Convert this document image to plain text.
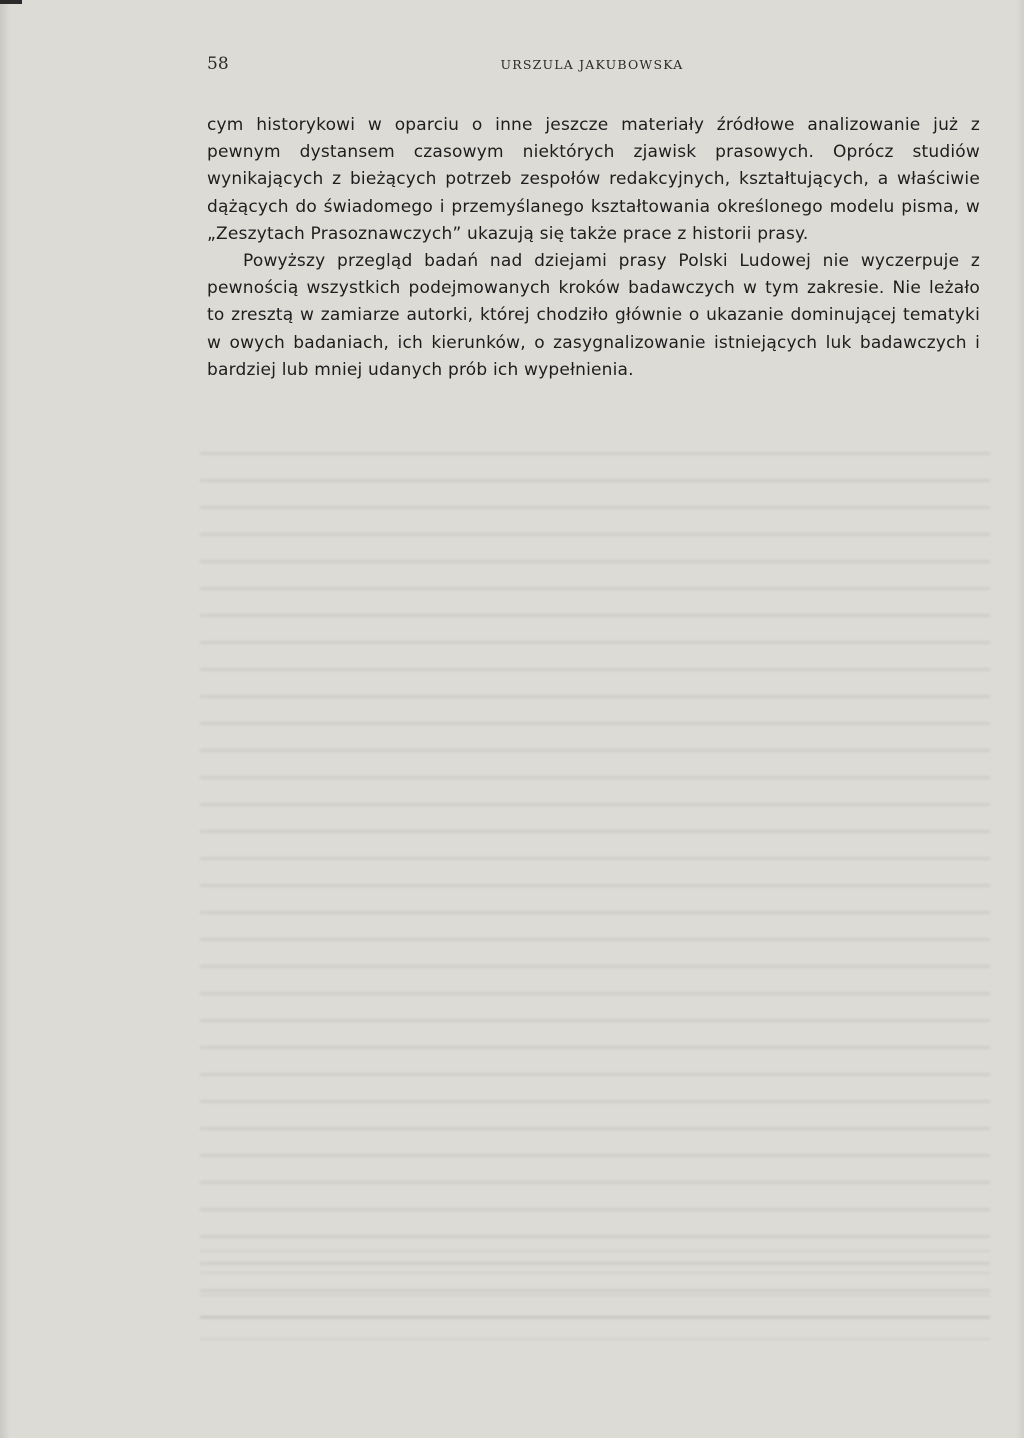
58	URSZULA JAKUBOWSKA

cym historykowi w oparciu o inne jeszcze materiały źródłowe analizowanie już z pewnym dystansem czasowym niektórych zjawisk prasowych. Oprócz studiów wynikających z bieżących potrzeb zespołów redakcyjnych, kształtujących, a właściwie dążących do świadomego i przemyślanego kształtowania określonego modelu pisma, w „Zeszytach Prasoznawczych” ukazują się także prace z historii prasy.

Powyższy przegląd badań nad dziejami prasy Polski Ludowej nie wyczerpuje z pewnością wszystkich podejmowanych kroków badawczych w tym zakresie. Nie leżało to zresztą w zamiarze autorki, której chodziło głównie o ukazanie dominującej tematyki w owych badaniach, ich kierunków, o zasygnalizowanie istniejących luk badawczych i bardziej lub mniej udanych prób ich wypełnienia.
